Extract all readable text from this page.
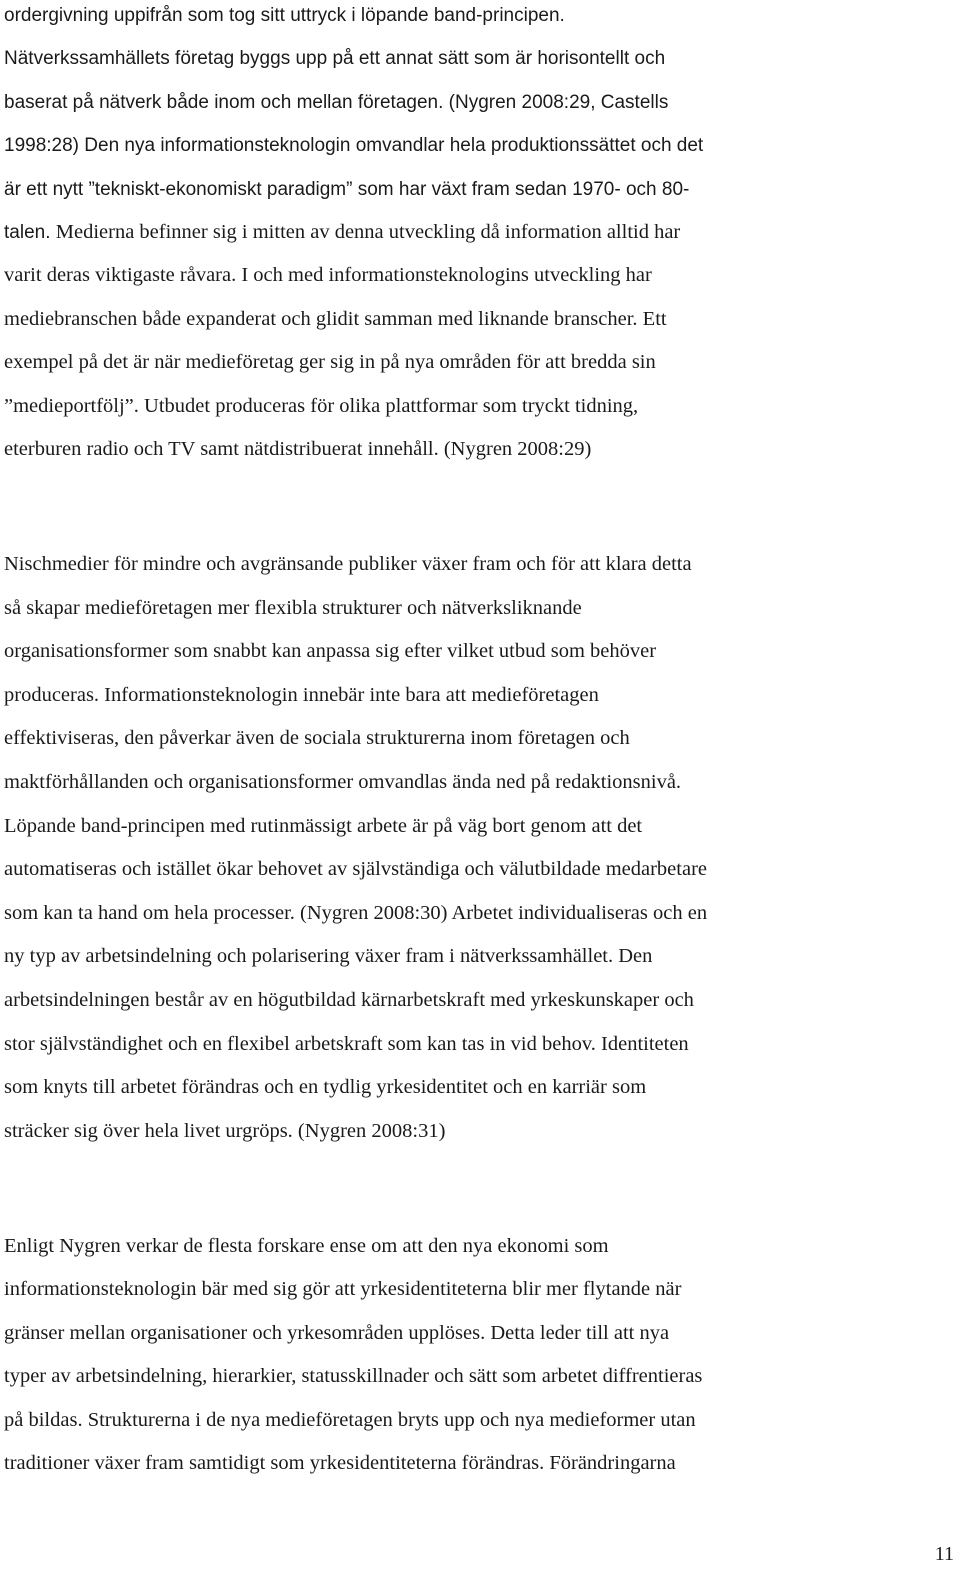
ordergivning uppifrån som tog sitt uttryck i löpande band-principen.
Nätverkssamhällets företag byggs upp på ett annat sätt som är horisontellt och
baserat på nätverk både inom och mellan företagen. (Nygren 2008:29, Castells
1998:28) Den nya informationsteknologin omvandlar hela produktionssättet och det
är ett nytt ”tekniskt-ekonomiskt paradigm” som har växt fram sedan 1970- och 80-
talen. Medierna befinner sig i mitten av denna utveckling då information alltid har
varit deras viktigaste råvara. I och med informationsteknologins utveckling har
mediebranschen både expanderat och glidit samman med liknande branscher. Ett
exempel på det är när medieföretag ger sig in på nya områden för att bredda sin
”medieportfölj”. Utbudet produceras för olika plattformar som tryckt tidning,
eterburen radio och TV samt nätdistribuerat innehåll. (Nygren 2008:29)
Nischmedier för mindre och avgränsande publiker växer fram och för att klara detta
så skapar medieföretagen mer flexibla strukturer och nätverksliknande
organisationsformer som snabbt kan anpassa sig efter vilket utbud som behöver
produceras. Informationsteknologin innebär inte bara att medieföretagen
effektiviseras, den påverkar även de sociala strukturerna inom företagen och
maktförhållanden och organisationsformer omvandlas ända ned på redaktionsnivå.
Löpande band-principen med rutinmässigt arbete är på väg bort genom att det
automatiseras och istället ökar behovet av självständiga och välutbildade medarbetare
som kan ta hand om hela processer. (Nygren 2008:30) Arbetet individualiseras och en
ny typ av arbetsindelning och polarisering växer fram i nätverkssamhället. Den
arbetsindelningen består av en högutbildad kärnarbetskraft med yrkeskunskaper och
stor självständighet och en flexibel arbetskraft som kan tas in vid behov. Identiteten
som knyts till arbetet förändras och en tydlig yrkesidentitet och en karriär som
sträcker sig över hela livet urgröps. (Nygren 2008:31)
Enligt Nygren verkar de flesta forskare ense om att den nya ekonomi som
informationsteknologin bär med sig gör att yrkesidentiteterna blir mer flytande när
gränser mellan organisationer och yrkesområden upplöses. Detta leder till att nya
typer av arbetsindelning, hierarkier, statusskillnader och sätt som arbetet diffrentieras
på bildas. Strukturerna i de nya medieföretagen bryts upp och nya medieformer utan
traditioner växer fram samtidigt som yrkesidentiteterna förändras. Förändringarna
11
